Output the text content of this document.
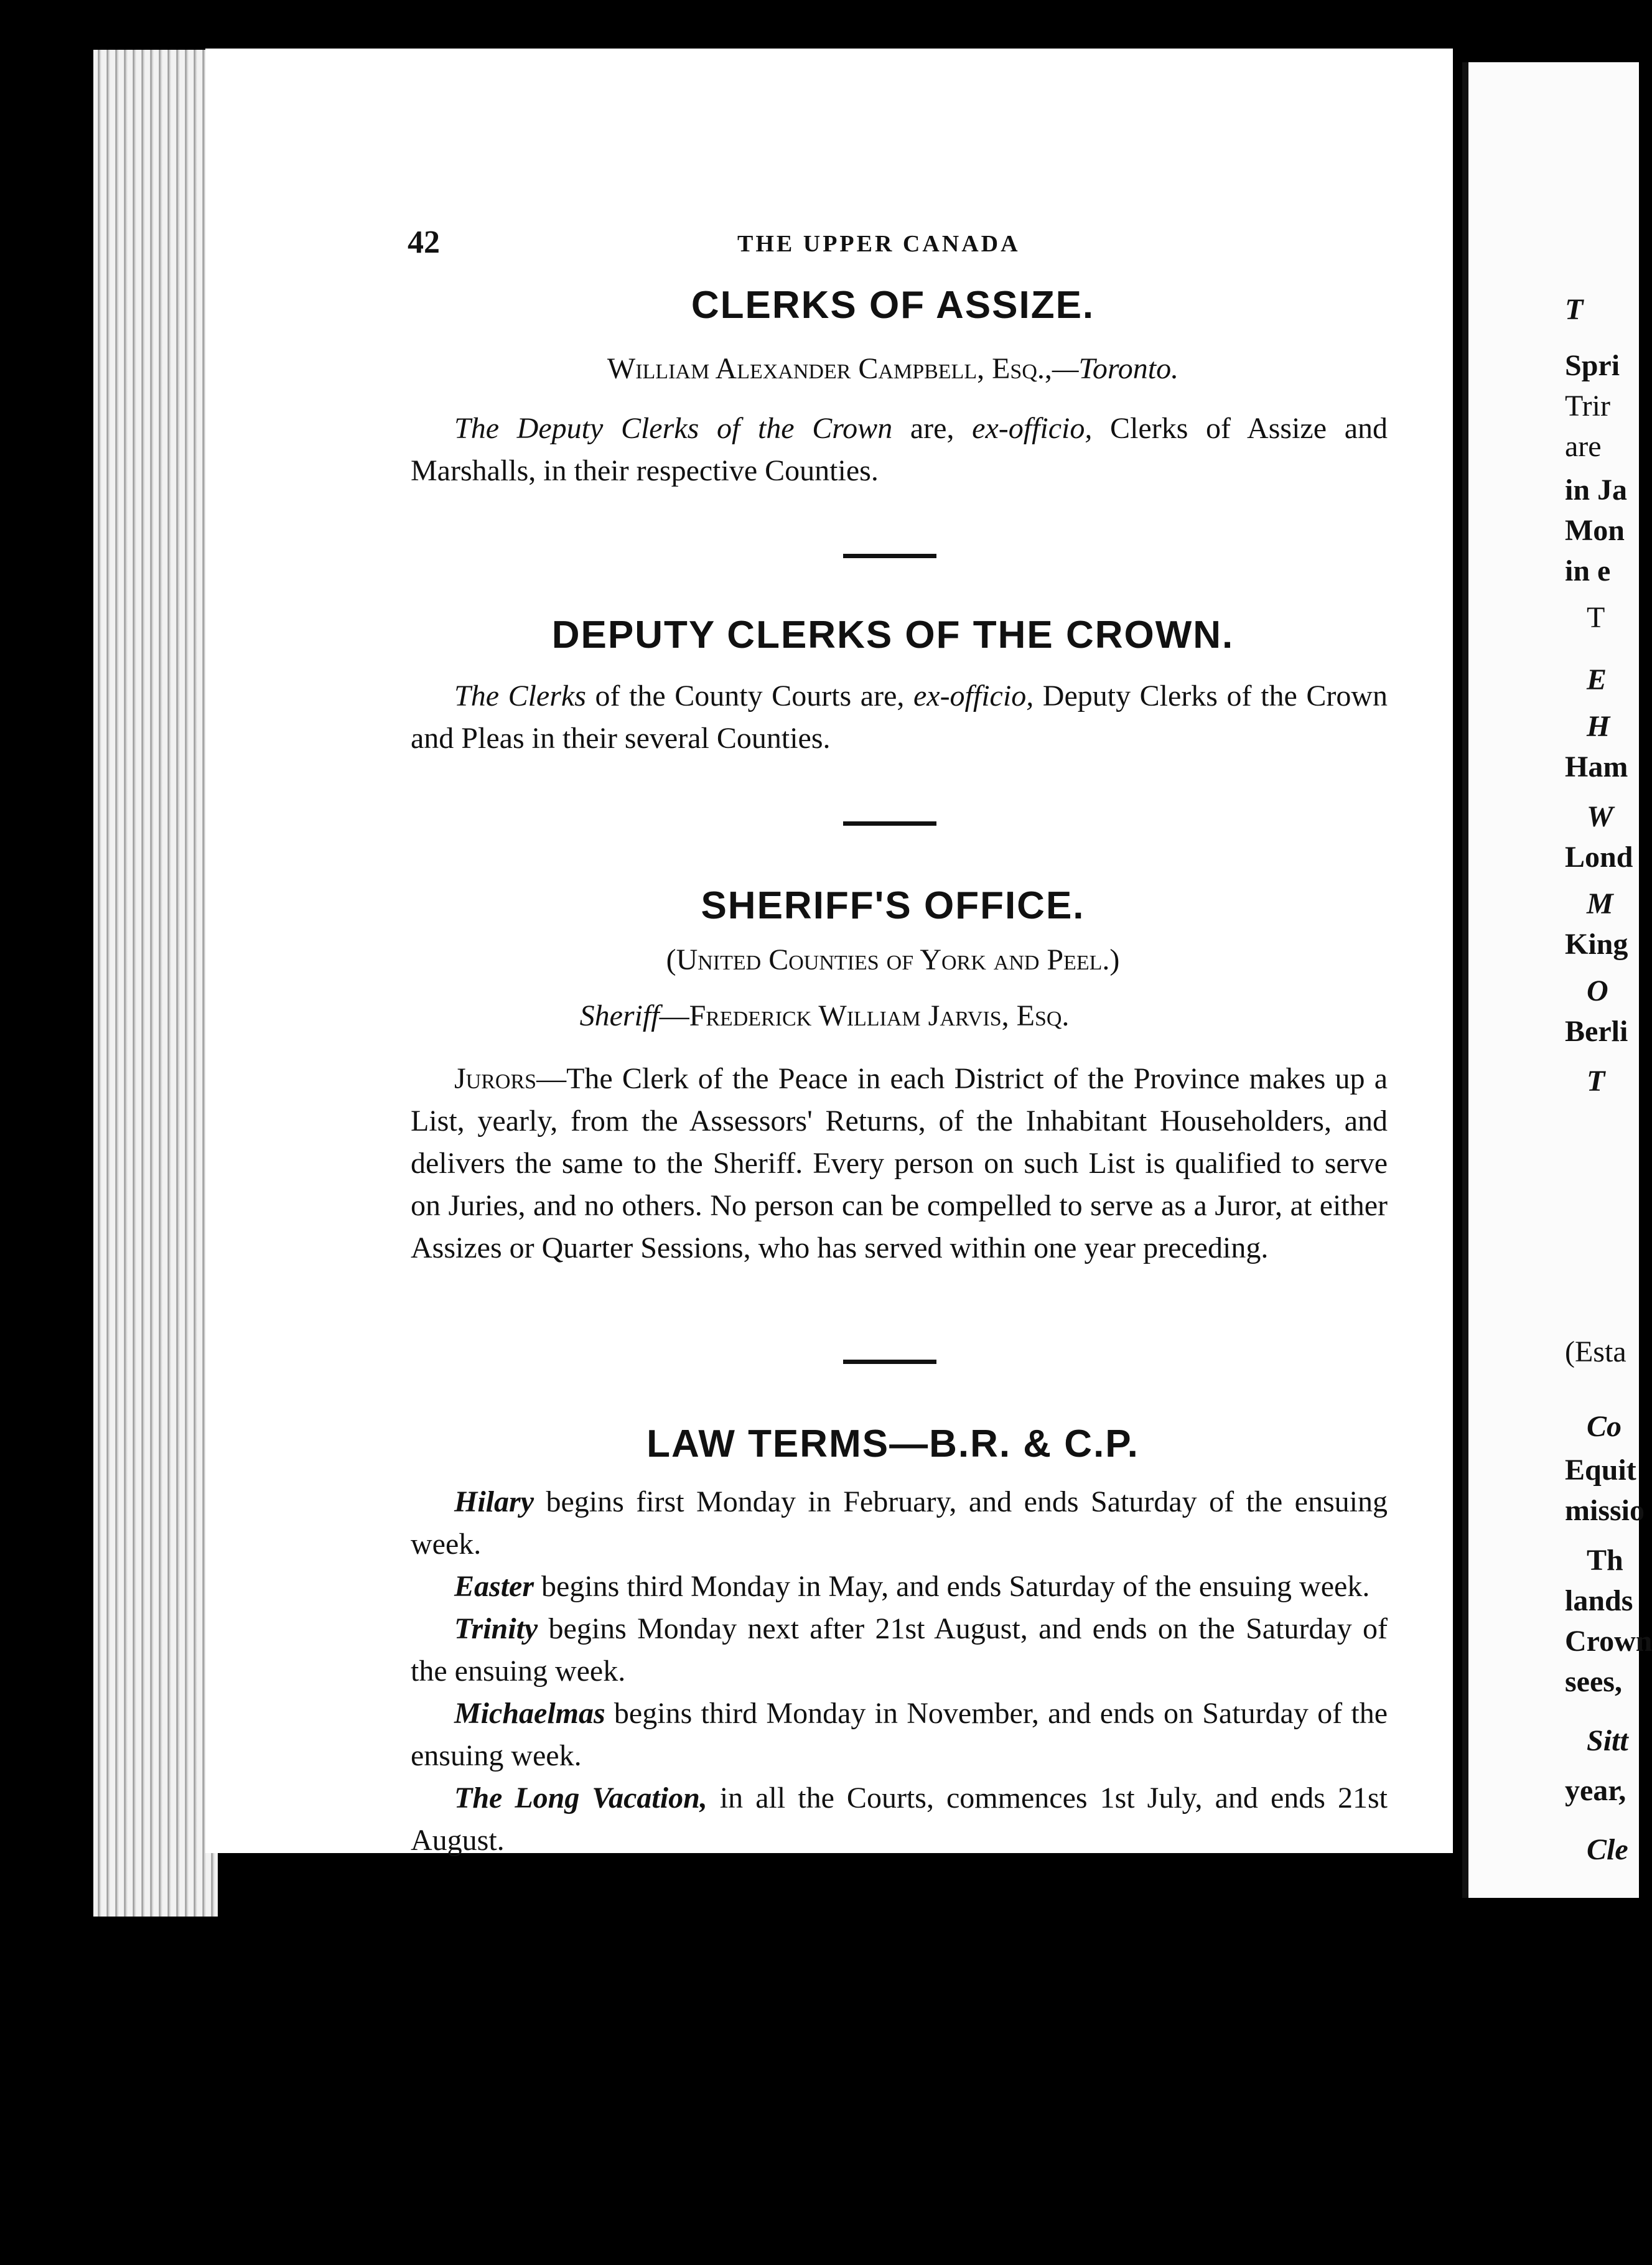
42	THE UPPER CANADA
CLERKS OF ASSIZE.
William Alexander Campbell, Esq.,—Toronto.
The Deputy Clerks of the Crown are, ex-officio, Clerks of Assize and Marshalls, in their respective Counties.
DEPUTY CLERKS OF THE CROWN.
The Clerks of the County Courts are, ex-officio, Deputy Clerks of the Crown and Pleas in their several Counties.
SHERIFF'S OFFICE.
(United Counties of York and Peel.)
Sheriff—Frederick William Jarvis, Esq.
Jurors—The Clerk of the Peace in each District of the Province makes up a List, yearly, from the Assessors' Returns, of the Inhabitant Householders, and delivers the same to the Sheriff. Every person on such List is qualified to serve on Juries, and no others. No person can be compelled to serve as a Juror, at either Assizes or Quarter Sessions, who has served within one year preceding.
LAW TERMS—B.R. & C.P.

Hilary begins first Monday in February, and ends Saturday of the ensuing week.

Easter begins third Monday in May, and ends Saturday of the ensuing week.

Trinity begins Monday next after 21st August, and ends on the Saturday of the ensuing week.

Michaelmas begins third Monday in November, and ends on Saturday of the ensuing week.

The Long Vacation, in all the Courts, commences 1st July, and ends 21st August.

T
Spri
Trir
are
in Ja
Mon
in e
T
E
H
Ham
W
Lond
M
King
O
Berli
T
(Esta
Co
Equit
missio
Th
lands
Crown
sees,
Sitt
year,
Cle
